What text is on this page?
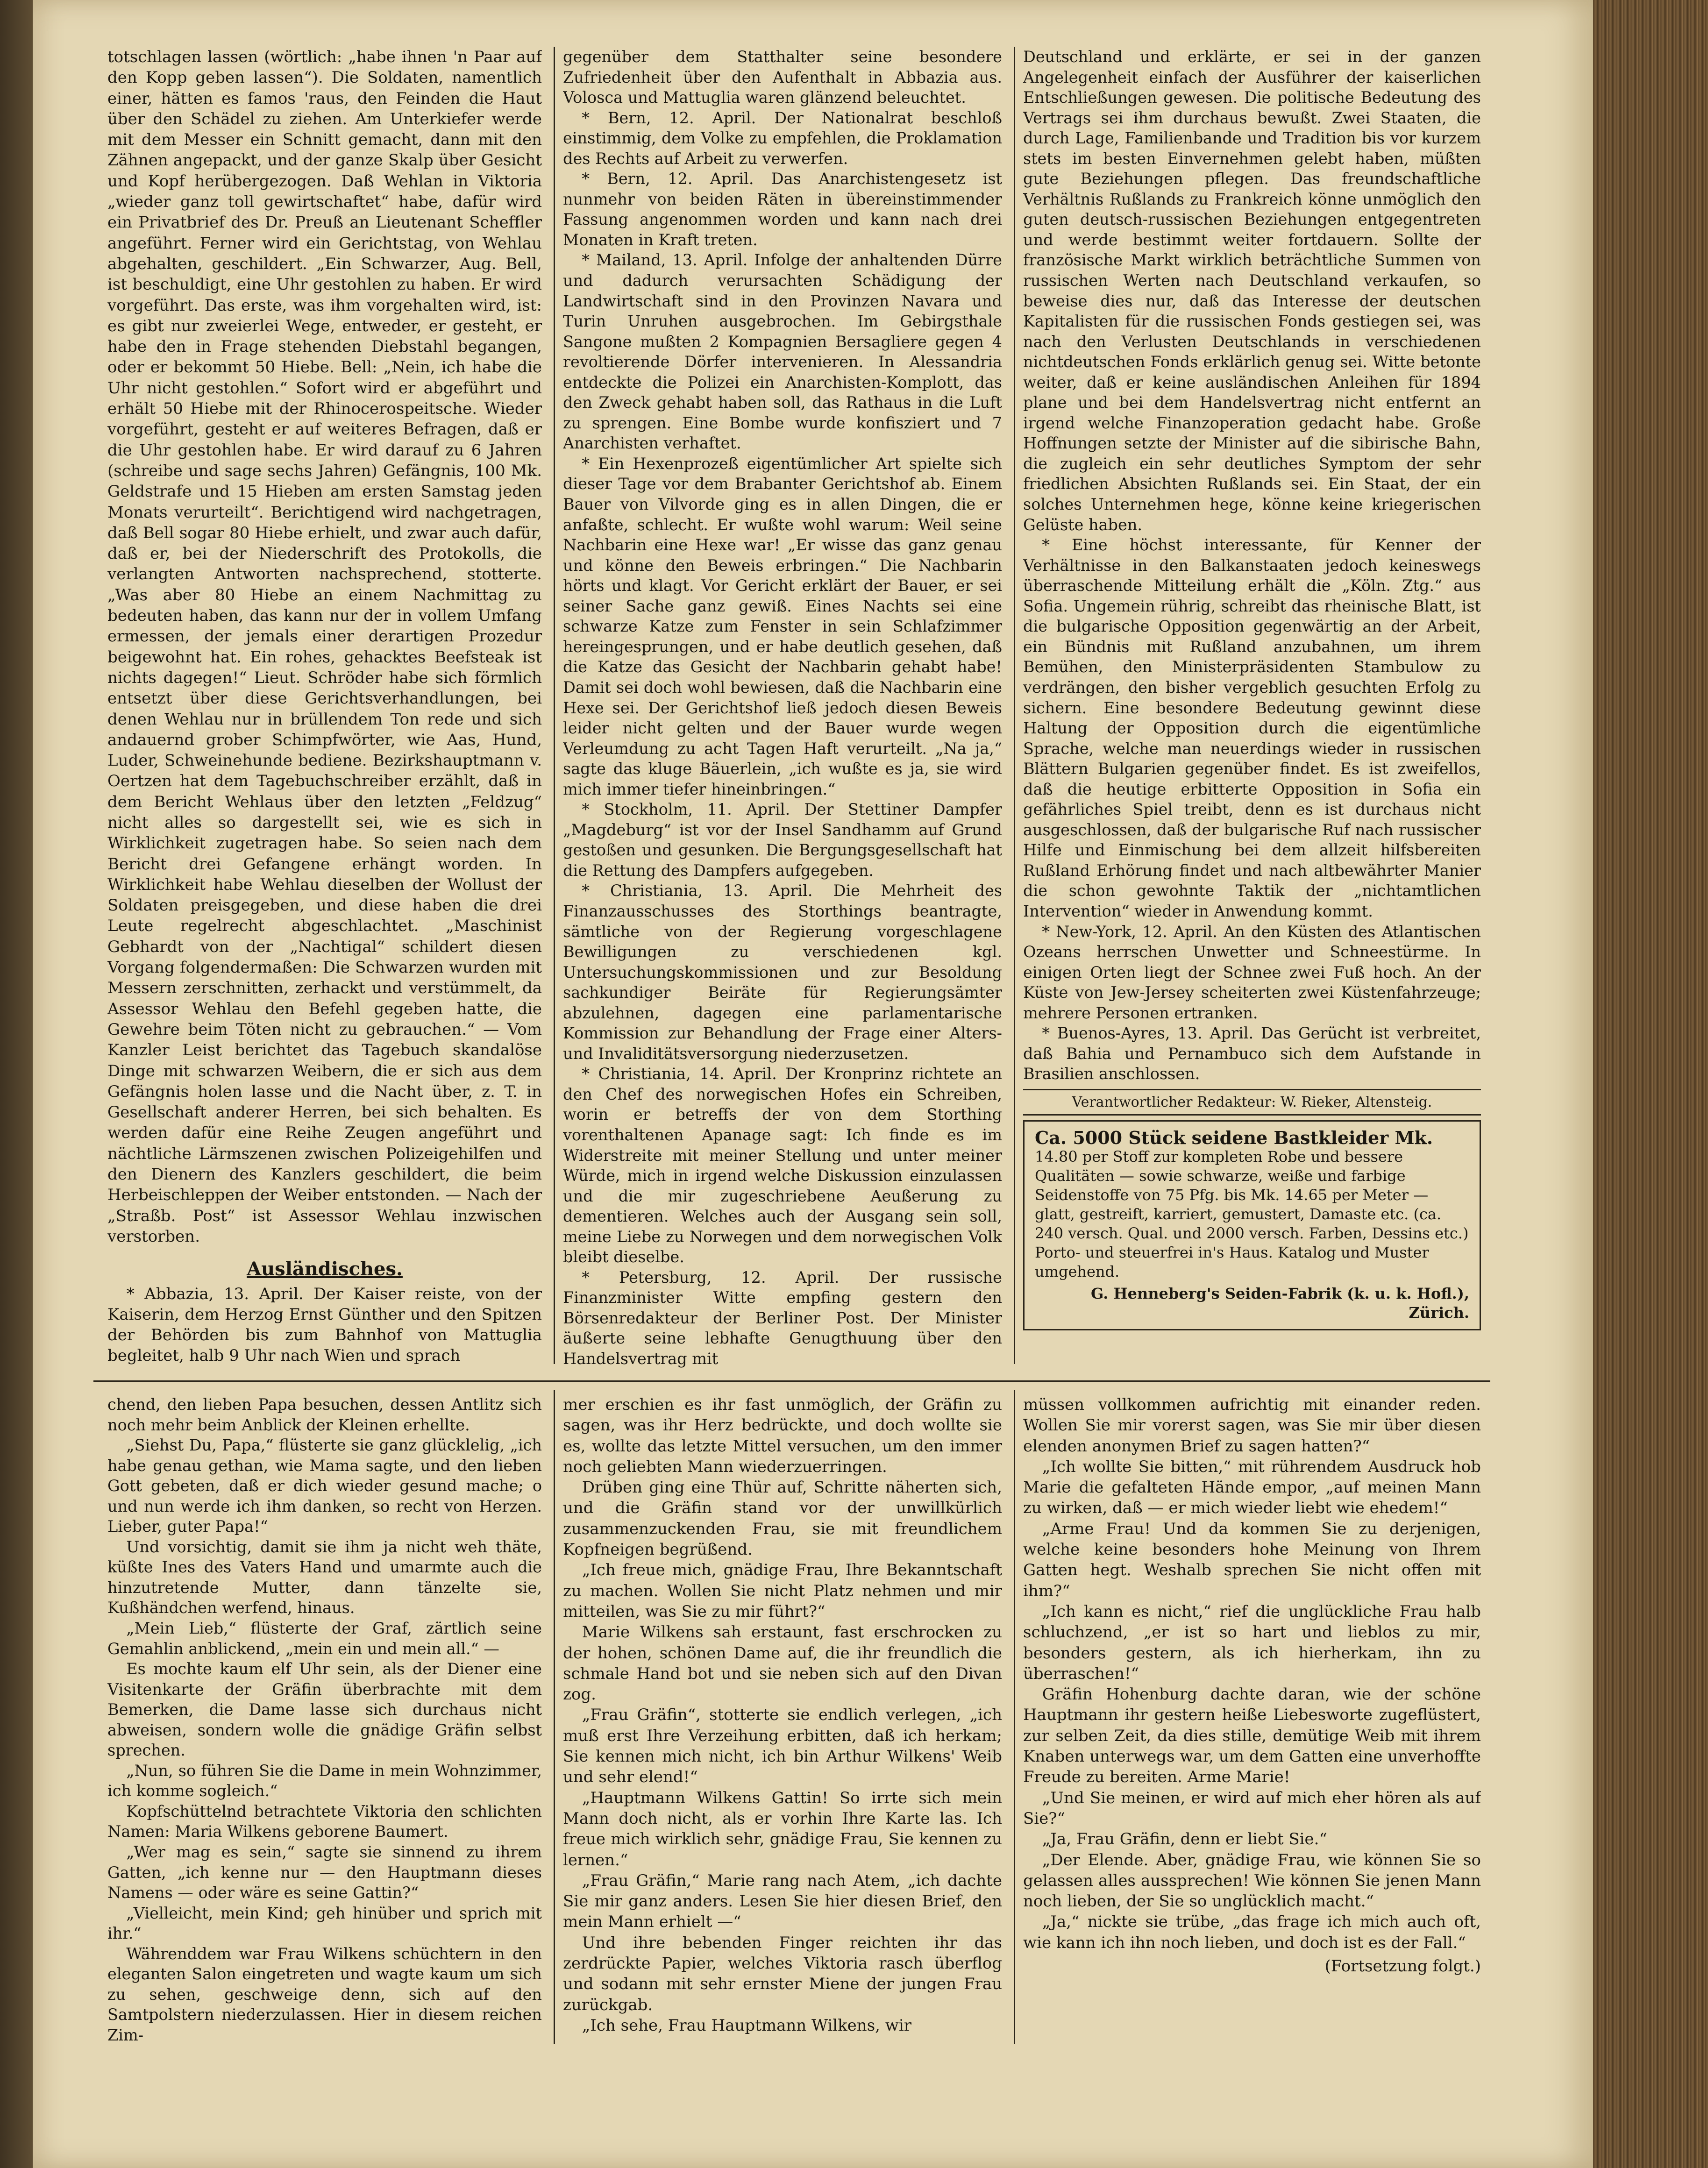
totschlagen lassen (wörtlich: „habe ihnen 'n Paar auf den Kopp geben lassen“). Die Soldaten, namentlich einer, hätten es famos 'raus, den Feinden die Haut über den Schädel zu ziehen. Am Unterkiefer werde mit dem Messer ein Schnitt gemacht, dann mit den Zähnen angepackt, und der ganze Skalp über Gesicht und Kopf herübergezogen. Daß Wehlan in Viktoria „wieder ganz toll gewirtschaftet“ habe, dafür wird ein Privatbrief des Dr. Preuß an Lieutenant Scheffler angeführt. Ferner wird ein Gerichtstag, von Wehlau abgehalten, geschildert. „Ein Schwarzer, Aug. Bell, ist beschuldigt, eine Uhr gestohlen zu haben. Er wird vorgeführt. Das erste, was ihm vorgehalten wird, ist: es gibt nur zweierlei Wege, entweder, er gesteht, er habe den in Frage stehenden Diebstahl begangen, oder er bekommt 50 Hiebe. Bell: „Nein, ich habe die Uhr nicht gestohlen.“ Sofort wird er abgeführt und erhält 50 Hiebe mit der Rhinocerospeitsche. Wieder vorgeführt, gesteht er auf weiteres Befragen, daß er die Uhr gestohlen habe. Er wird darauf zu 6 Jahren (schreibe und sage sechs Jahren) Gefängnis, 100 Mk. Geldstrafe und 15 Hieben am ersten Samstag jeden Monats verurteilt“. Berichtigend wird nachgetragen, daß Bell sogar 80 Hiebe erhielt, und zwar auch dafür, daß er, bei der Niederschrift des Protokolls, die verlangten Antworten nachsprechend, stotterte. „Was aber 80 Hiebe an einem Nachmittag zu bedeuten haben, das kann nur der in vollem Umfang ermessen, der jemals einer derartigen Prozedur beigewohnt hat. Ein rohes, gehacktes Beefsteak ist nichts dagegen!“ Lieut. Schröder habe sich förmlich entsetzt über diese Gerichtsverhandlungen, bei denen Wehlau nur in brüllendem Ton rede und sich andauernd grober Schimpfwörter, wie Aas, Hund, Luder, Schweinehunde bediene. Bezirkshauptmann v. Oertzen hat dem Tagebuchschreiber erzählt, daß in dem Bericht Wehlaus über den letzten „Feldzug“ nicht alles so dargestellt sei, wie es sich in Wirklichkeit zugetragen habe. So seien nach dem Bericht drei Gefangene erhängt worden. In Wirklichkeit habe Wehlau dieselben der Wollust der Soldaten preisgegeben, und diese haben die drei Leute regelrecht abgeschlachtet. „Maschinist Gebhardt von der „Nachtigal“ schildert diesen Vorgang folgendermaßen: Die Schwarzen wurden mit Messern zerschnitten, zerhackt und verstümmelt, da Assessor Wehlau den Befehl gegeben hatte, die Gewehre beim Töten nicht zu gebrauchen.“ — Vom Kanzler Leist berichtet das Tagebuch skandalöse Dinge mit schwarzen Weibern, die er sich aus dem Gefängnis holen lasse und die Nacht über, z. T. in Gesellschaft anderer Herren, bei sich behalten. Es werden dafür eine Reihe Zeugen angeführt und nächtliche Lärmszenen zwischen Polizeigehilfen und den Dienern des Kanzlers geschildert, die beim Herbeischleppen der Weiber entstonden. — Nach der „Straßb. Post“ ist Assessor Wehlau inzwischen verstorben.

Ausländisches.

* Abbazia, 13. April. Der Kaiser reiste, von der Kaiserin, dem Herzog Ernst Günther und den Spitzen der Behörden bis zum Bahnhof von Mattuglia begleitet, halb 9 Uhr nach Wien und sprach

gegenüber dem Statthalter seine besondere Zufriedenheit über den Aufenthalt in Abbazia aus. Volosca und Mattuglia waren glänzend beleuchtet.

* Bern, 12. April. Der Nationalrat beschloß einstimmig, dem Volke zu empfehlen, die Proklamation des Rechts auf Arbeit zu verwerfen.

* Bern, 12. April. Das Anarchistengesetz ist nunmehr von beiden Räten in übereinstimmender Fassung angenommen worden und kann nach drei Monaten in Kraft treten.

* Mailand, 13. April. Infolge der anhaltenden Dürre und dadurch verursachten Schädigung der Landwirtschaft sind in den Provinzen Navara und Turin Unruhen ausgebrochen. Im Gebirgsthale Sangone mußten 2 Kompagnien Bersagliere gegen 4 revoltierende Dörfer intervenieren. In Alessandria entdeckte die Polizei ein Anarchisten-Komplott, das den Zweck gehabt haben soll, das Rathaus in die Luft zu sprengen. Eine Bombe wurde konfisziert und 7 Anarchisten verhaftet.

* Ein Hexenprozeß eigentümlicher Art spielte sich dieser Tage vor dem Brabanter Gerichtshof ab. Einem Bauer von Vilvorde ging es in allen Dingen, die er anfaßte, schlecht. Er wußte wohl warum: Weil seine Nachbarin eine Hexe war! „Er wisse das ganz genau und könne den Beweis erbringen.“ Die Nachbarin hörts und klagt. Vor Gericht erklärt der Bauer, er sei seiner Sache ganz gewiß. Eines Nachts sei eine schwarze Katze zum Fenster in sein Schlafzimmer hereingesprungen, und er habe deutlich gesehen, daß die Katze das Gesicht der Nachbarin gehabt habe! Damit sei doch wohl bewiesen, daß die Nachbarin eine Hexe sei. Der Gerichtshof ließ jedoch diesen Beweis leider nicht gelten und der Bauer wurde wegen Verleumdung zu acht Tagen Haft verurteilt. „Na ja,“ sagte das kluge Bäuerlein, „ich wußte es ja, sie wird mich immer tiefer hineinbringen.“

* Stockholm, 11. April. Der Stettiner Dampfer „Magdeburg“ ist vor der Insel Sandhamm auf Grund gestoßen und gesunken. Die Bergungsgesellschaft hat die Rettung des Dampfers aufgegeben.

* Christiania, 13. April. Die Mehrheit des Finanzausschusses des Storthings beantragte, sämtliche von der Regierung vorgeschlagene Bewilligungen zu verschiedenen kgl. Untersuchungskommissionen und zur Besoldung sachkundiger Beiräte für Regierungsämter abzulehnen, dagegen eine parlamentarische Kommission zur Behandlung der Frage einer Alters- und Invaliditätsversorgung niederzusetzen.

* Christiania, 14. April. Der Kronprinz richtete an den Chef des norwegischen Hofes ein Schreiben, worin er betreffs der von dem Storthing vorenthaltenen Apanage sagt: Ich finde es im Widerstreite mit meiner Stellung und unter meiner Würde, mich in irgend welche Diskussion einzulassen und die mir zugeschriebene Aeußerung zu dementieren. Welches auch der Ausgang sein soll, meine Liebe zu Norwegen und dem norwegischen Volk bleibt dieselbe.

* Petersburg, 12. April. Der russische Finanzminister Witte empfing gestern den Börsenredakteur der Berliner Post. Der Minister äußerte seine lebhafte Genugthuung über den Handelsvertrag mit

Deutschland und erklärte, er sei in der ganzen Angelegenheit einfach der Ausführer der kaiserlichen Entschließungen gewesen. Die politische Bedeutung des Vertrags sei ihm durchaus bewußt. Zwei Staaten, die durch Lage, Familienbande und Tradition bis vor kurzem stets im besten Einvernehmen gelebt haben, müßten gute Beziehungen pflegen. Das freundschaftliche Verhältnis Rußlands zu Frankreich könne unmöglich den guten deutsch-russischen Beziehungen entgegentreten und werde bestimmt weiter fortdauern. Sollte der französische Markt wirklich beträchtliche Summen von russischen Werten nach Deutschland verkaufen, so beweise dies nur, daß das Interesse der deutschen Kapitalisten für die russischen Fonds gestiegen sei, was nach den Verlusten Deutschlands in verschiedenen nichtdeutschen Fonds erklärlich genug sei. Witte betonte weiter, daß er keine ausländischen Anleihen für 1894 plane und bei dem Handelsvertrag nicht entfernt an irgend welche Finanzoperation gedacht habe. Große Hoffnungen setzte der Minister auf die sibirische Bahn, die zugleich ein sehr deutliches Symptom der sehr friedlichen Absichten Rußlands sei. Ein Staat, der ein solches Unternehmen hege, könne keine kriegerischen Gelüste haben.

* Eine höchst interessante, für Kenner der Verhältnisse in den Balkanstaaten jedoch keineswegs überraschende Mitteilung erhält die „Köln. Ztg.“ aus Sofia. Ungemein rührig, schreibt das rheinische Blatt, ist die bulgarische Opposition gegenwärtig an der Arbeit, ein Bündnis mit Rußland anzubahnen, um ihrem Bemühen, den Ministerpräsidenten Stambulow zu verdrängen, den bisher vergeblich gesuchten Erfolg zu sichern. Eine besondere Bedeutung gewinnt diese Haltung der Opposition durch die eigentümliche Sprache, welche man neuerdings wieder in russischen Blättern Bulgarien gegenüber findet. Es ist zweifellos, daß die heutige erbitterte Opposition in Sofia ein gefährliches Spiel treibt, denn es ist durchaus nicht ausgeschlossen, daß der bulgarische Ruf nach russischer Hilfe und Einmischung bei dem allzeit hilfsbereiten Rußland Erhörung findet und nach altbewährter Manier die schon gewohnte Taktik der „nichtamtlichen Intervention“ wieder in Anwendung kommt.

* New-York, 12. April. An den Küsten des Atlantischen Ozeans herrschen Unwetter und Schneestürme. In einigen Orten liegt der Schnee zwei Fuß hoch. An der Küste von Jew-Jersey scheiterten zwei Küstenfahrzeuge; mehrere Personen ertranken.

* Buenos-Ayres, 13. April. Das Gerücht ist verbreitet, daß Bahia und Pernambuco sich dem Aufstande in Brasilien anschlossen.

Verantwortlicher Redakteur: W. Rieker, Altensteig.
Ca. 5000 Stück seidene Bastkleider Mk.
14.80 per Stoff zur kompleten Robe und bessere Qualitäten — sowie schwarze, weiße und farbige Seidenstoffe von 75 Pfg. bis Mk. 14.65 per Meter — glatt, gestreift, karriert, gemustert, Damaste etc. (ca. 240 versch. Qual. und 2000 versch. Farben, Dessins etc.) Porto- und steuerfrei in's Haus. Katalog und Muster umgehend.
G. Henneberg's Seiden-Fabrik (k. u. k. Hofl.), Zürich.

chend, den lieben Papa besuchen, dessen Antlitz sich noch mehr beim Anblick der Kleinen erhellte.

„Siehst Du, Papa,“ flüsterte sie ganz glücklelig, „ich habe genau gethan, wie Mama sagte, und den lieben Gott gebeten, daß er dich wieder gesund mache; o und nun werde ich ihm danken, so recht von Herzen. Lieber, guter Papa!“

Und vorsichtig, damit sie ihm ja nicht weh thäte, küßte Ines des Vaters Hand und umarmte auch die hinzutretende Mutter, dann tänzelte sie, Kußhändchen werfend, hinaus.

„Mein Lieb,“ flüsterte der Graf, zärtlich seine Gemahlin anblickend, „mein ein und mein all.“ —

Es mochte kaum elf Uhr sein, als der Diener eine Visitenkarte der Gräfin überbrachte mit dem Bemerken, die Dame lasse sich durchaus nicht abweisen, sondern wolle die gnädige Gräfin selbst sprechen.

„Nun, so führen Sie die Dame in mein Wohnzimmer, ich komme sogleich.“

Kopfschüttelnd betrachtete Viktoria den schlichten Namen: Maria Wilkens geborene Baumert.

„Wer mag es sein,“ sagte sie sinnend zu ihrem Gatten, „ich kenne nur — den Hauptmann dieses Namens — oder wäre es seine Gattin?“

„Vielleicht, mein Kind; geh hinüber und sprich mit ihr.“

Währenddem war Frau Wilkens schüchtern in den eleganten Salon eingetreten und wagte kaum um sich zu sehen, geschweige denn, sich auf den Samtpolstern niederzulassen. Hier in diesem reichen Zim-

mer erschien es ihr fast unmöglich, der Gräfin zu sagen, was ihr Herz bedrückte, und doch wollte sie es, wollte das letzte Mittel versuchen, um den immer noch geliebten Mann wiederzuerringen.

Drüben ging eine Thür auf, Schritte näherten sich, und die Gräfin stand vor der unwillkürlich zusammenzuckenden Frau, sie mit freundlichem Kopfneigen begrüßend.

„Ich freue mich, gnädige Frau, Ihre Bekanntschaft zu machen. Wollen Sie nicht Platz nehmen und mir mitteilen, was Sie zu mir führt?“

Marie Wilkens sah erstaunt, fast erschrocken zu der hohen, schönen Dame auf, die ihr freundlich die schmale Hand bot und sie neben sich auf den Divan zog.

„Frau Gräfin“, stotterte sie endlich verlegen, „ich muß erst Ihre Verzeihung erbitten, daß ich herkam; Sie kennen mich nicht, ich bin Arthur Wilkens' Weib und sehr elend!“

„Hauptmann Wilkens Gattin! So irrte sich mein Mann doch nicht, als er vorhin Ihre Karte las. Ich freue mich wirklich sehr, gnädige Frau, Sie kennen zu lernen.“

„Frau Gräfin,“ Marie rang nach Atem, „ich dachte Sie mir ganz anders. Lesen Sie hier diesen Brief, den mein Mann erhielt —“

Und ihre bebenden Finger reichten ihr das zerdrückte Papier, welches Viktoria rasch überflog und sodann mit sehr ernster Miene der jungen Frau zurückgab.

„Ich sehe, Frau Hauptmann Wilkens, wir

müssen vollkommen aufrichtig mit einander reden. Wollen Sie mir vorerst sagen, was Sie mir über diesen elenden anonymen Brief zu sagen hatten?“

„Ich wollte Sie bitten,“ mit rührendem Ausdruck hob Marie die gefalteten Hände empor, „auf meinen Mann zu wirken, daß — er mich wieder liebt wie ehedem!“

„Arme Frau! Und da kommen Sie zu derjenigen, welche keine besonders hohe Meinung von Ihrem Gatten hegt. Weshalb sprechen Sie nicht offen mit ihm?“

„Ich kann es nicht,“ rief die unglückliche Frau halb schluchzend, „er ist so hart und lieblos zu mir, besonders gestern, als ich hierherkam, ihn zu überraschen!“

Gräfin Hohenburg dachte daran, wie der schöne Hauptmann ihr gestern heiße Liebesworte zugeflüstert, zur selben Zeit, da dies stille, demütige Weib mit ihrem Knaben unterwegs war, um dem Gatten eine unverhoffte Freude zu bereiten. Arme Marie!

„Und Sie meinen, er wird auf mich eher hören als auf Sie?“

„Ja, Frau Gräfin, denn er liebt Sie.“

„Der Elende. Aber, gnädige Frau, wie können Sie so gelassen alles aussprechen! Wie können Sie jenen Mann noch lieben, der Sie so unglücklich macht.“

„Ja,“ nickte sie trübe, „das frage ich mich auch oft, wie kann ich ihn noch lieben, und doch ist es der Fall.“

(Fortsetzung folgt.)
